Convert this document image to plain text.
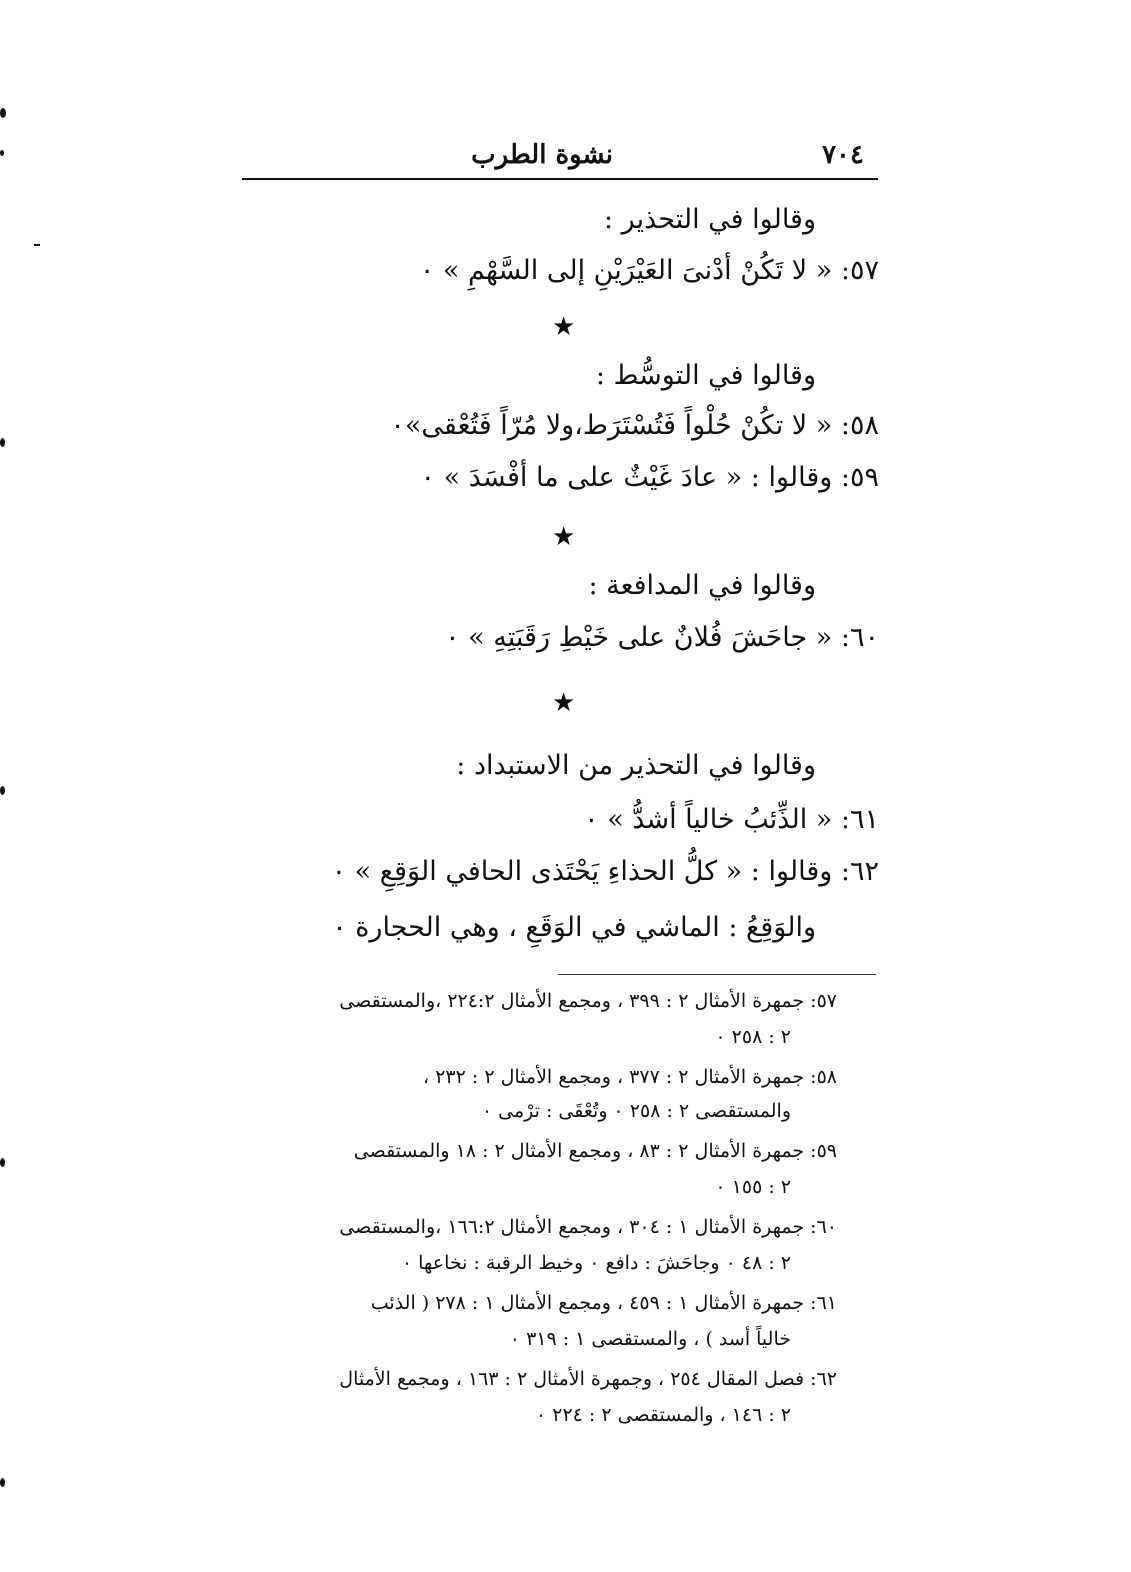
٧٠٤
نشوة الطرب
وقالوا في التحذير :
٥٧: « لا تَكُنْ أدْنىَ العَيْرَيْنِ إلى السَّهْمِ » ٠
★
وقالوا في التوسُّط :
٥٨: « لا تكُنْ حُلْواً فَتُسْتَرَط،ولا مُرّاً فَتُعْقى»٠
٥٩: وقالوا : « عادَ غَيْثٌ على ما أفْسَدَ » ٠
★
وقالوا في المدافعة :
٦٠: « جاحَشَ فُلانٌ على خَيْطِ رَقَبَتِهِ » ٠
★
وقالوا في التحذير من الاستبداد :
٦١: « الذِّئبُ خالياً أشدُّ » ٠
٦٢: وقالوا : « كلُّ الحذاءِ يَحْتَذى الحافي الوَقِعِ » ٠
والوَقِعُ : الماشي في الوَقَعِ ، وهي الحجارة ٠
٥٧: جمهرة الأمثال ٢ : ٣٩٩ ، ومجمع الأمثال ٢٢٤:٢ ،والمستقصى
٢ : ٢٥٨ ٠
٥٨: جمهرة الأمثال ٢ : ٣٧٧ ، ومجمع الأمثال ٢ : ٢٣٢ ،
والمستقصى ٢ : ٢٥٨ ٠ وتُعْقَى : ترْمى ٠
٥٩: جمهرة الأمثال ٢ : ٨٣ ، ومجمع الأمثال ٢ : ١٨ والمستقصى
٢ : ١٥٥ ٠
٦٠: جمهرة الأمثال ١ : ٣٠٤ ، ومجمع الأمثال ١٦٦:٢ ،والمستقصى
٢ : ٤٨ ٠ وجاحَشَ : دافع ٠ وخيط الرقبة : نخاعها ٠
٦١: جمهرة الأمثال ١ : ٤٥٩ ، ومجمع الأمثال ١ : ٢٧٨ ( الذئب
خالياً أسد ) ، والمستقصى ١ : ٣١٩ ٠
٦٢: فصل المقال ٢٥٤ ، وجمهرة الأمثال ٢ : ١٦٣ ، ومجمع الأمثال
٢ : ١٤٦ ، والمستقصى ٢ : ٢٢٤ ٠
